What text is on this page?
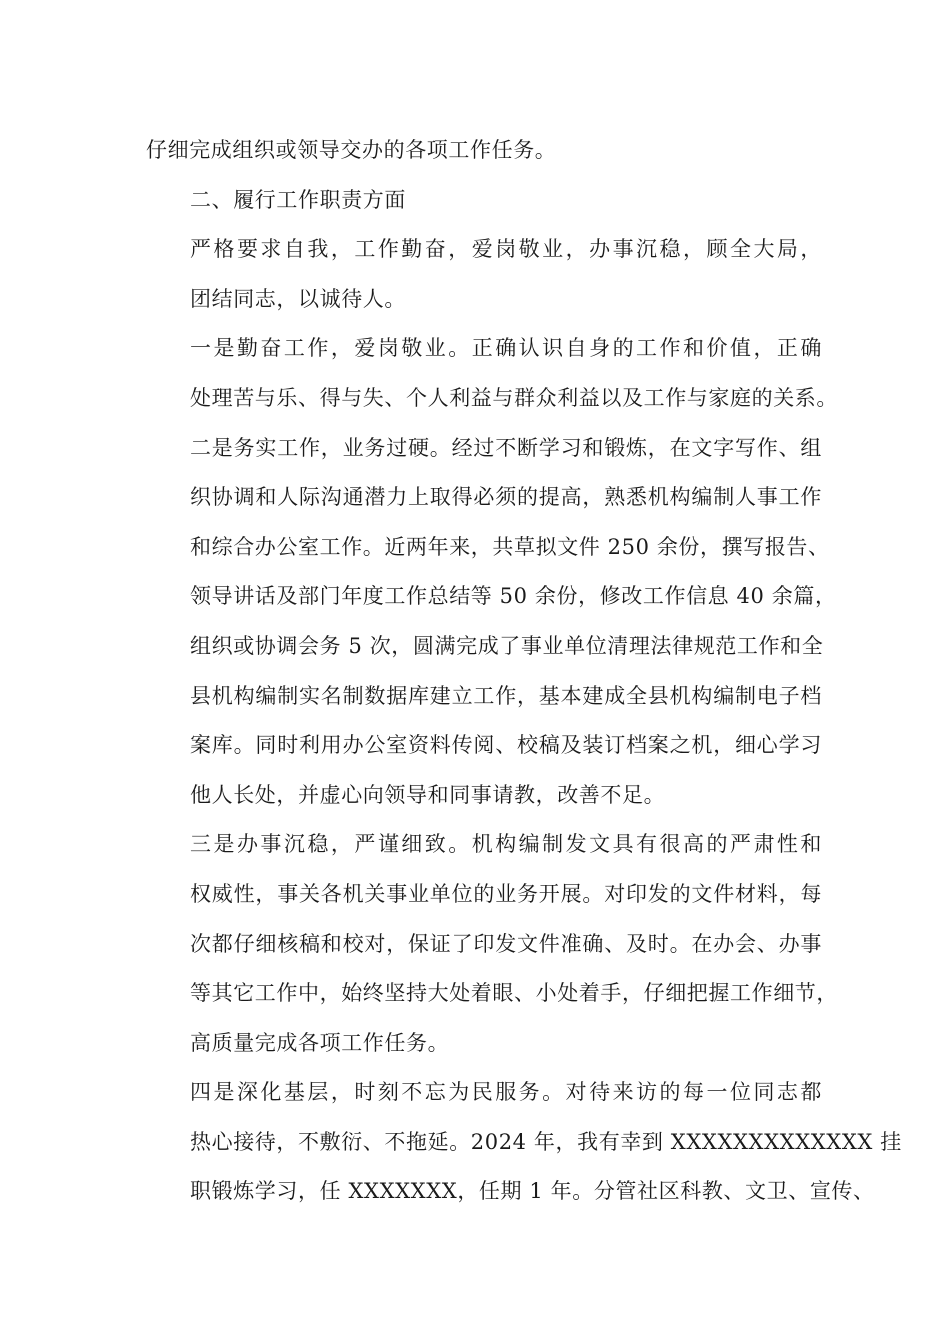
仔细完成组织或领导交办的各项工作任务。
二、履行工作职责方面
严格要求自我，工作勤奋，爱岗敬业，办事沉稳，顾全大局，
团结同志，以诚待人。
一是勤奋工作，爱岗敬业。正确认识自身的工作和价值，正确
处理苦与乐、得与失、个人利益与群众利益以及工作与家庭的关系。
二是务实工作，业务过硬。经过不断学习和锻炼，在文字写作、组
织协调和人际沟通潜力上取得必须的提高，熟悉机构编制人事工作
和综合办公室工作。近两年来，共草拟文件 250 余份，撰写报告、
领导讲话及部门年度工作总结等 50 余份，修改工作信息 40 余篇，
组织或协调会务 5 次，圆满完成了事业单位清理法律规范工作和全
县机构编制实名制数据库建立工作，基本建成全县机构编制电子档
案库。同时利用办公室资料传阅、校稿及装订档案之机，细心学习
他人长处，并虚心向领导和同事请教，改善不足。
三是办事沉稳，严谨细致。机构编制发文具有很高的严肃性和
权威性，事关各机关事业单位的业务开展。对印发的文件材料，每
次都仔细核稿和校对，保证了印发文件准确、及时。在办会、办事
等其它工作中，始终坚持大处着眼、小处着手，仔细把握工作细节，
高质量完成各项工作任务。
四是深化基层，时刻不忘为民服务。对待来访的每一位同志都
热心接待，不敷衍、不拖延。2024 年，我有幸到 XXXXXXXXXXXXX 挂
职锻炼学习，任 XXXXXXX，任期 1 年。分管社区科教、文卫、宣传、
